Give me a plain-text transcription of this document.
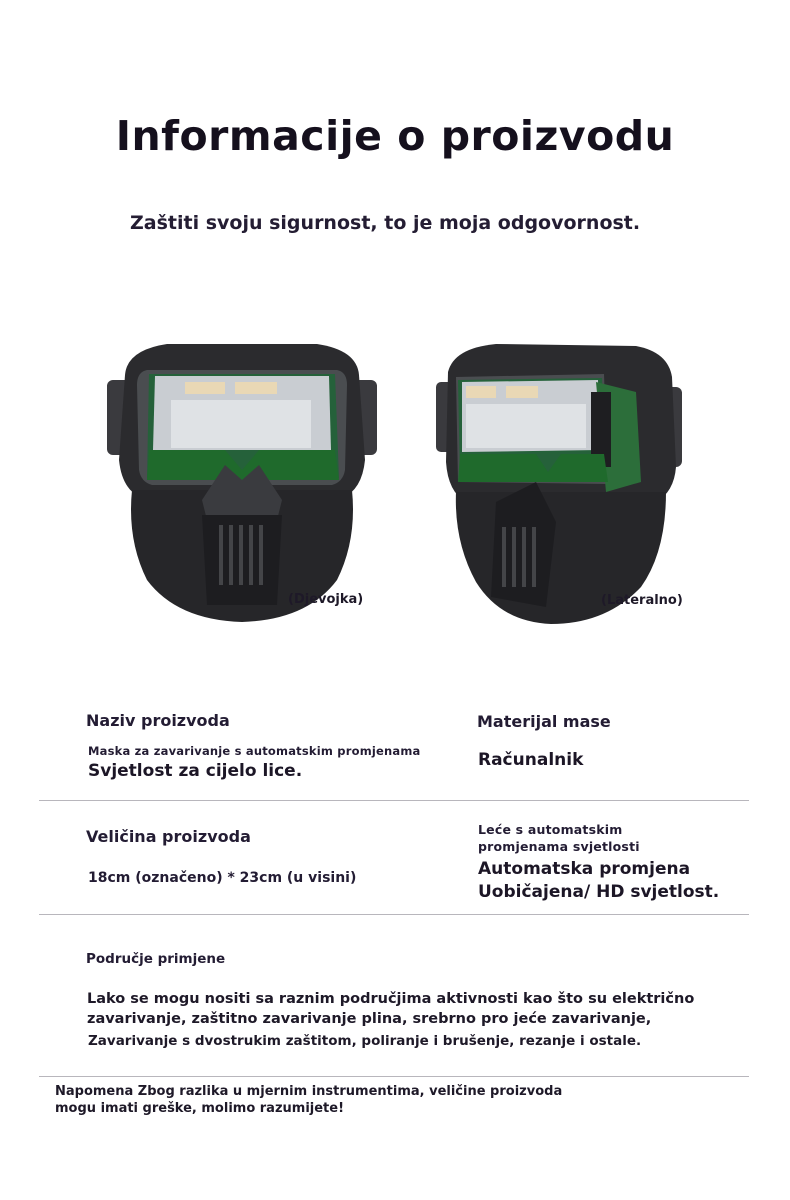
Informacije o proizvodu
Zaštiti svoju sigurnost, to je moja odgovornost.
(Djevojka)	(Lateralno)
Naziv proizvoda
Maska za zavarivanje s automatskim promjenama
Svjetlost za cijelo lice.
Materijal mase
Računalnik
Veličina proizvoda
18cm (označeno) * 23cm (u visini)
Leće s automatskim
promjenama svjetlosti
Automatska promjena
Uobičajena/ HD svjetlost.
Područje primjene
Lako se mogu nositi sa raznim područjima aktivnosti kao što su električno
zavarivanje, zaštitno zavarivanje plina, srebrno pro jeće zavarivanje,
Zavarivanje s dvostrukim zaštitom, poliranje i brušenje, rezanje i ostale.
Napomena Zbog razlika u mjernim instrumentima, veličine proizvoda
mogu imati greške, molimo razumijete!
